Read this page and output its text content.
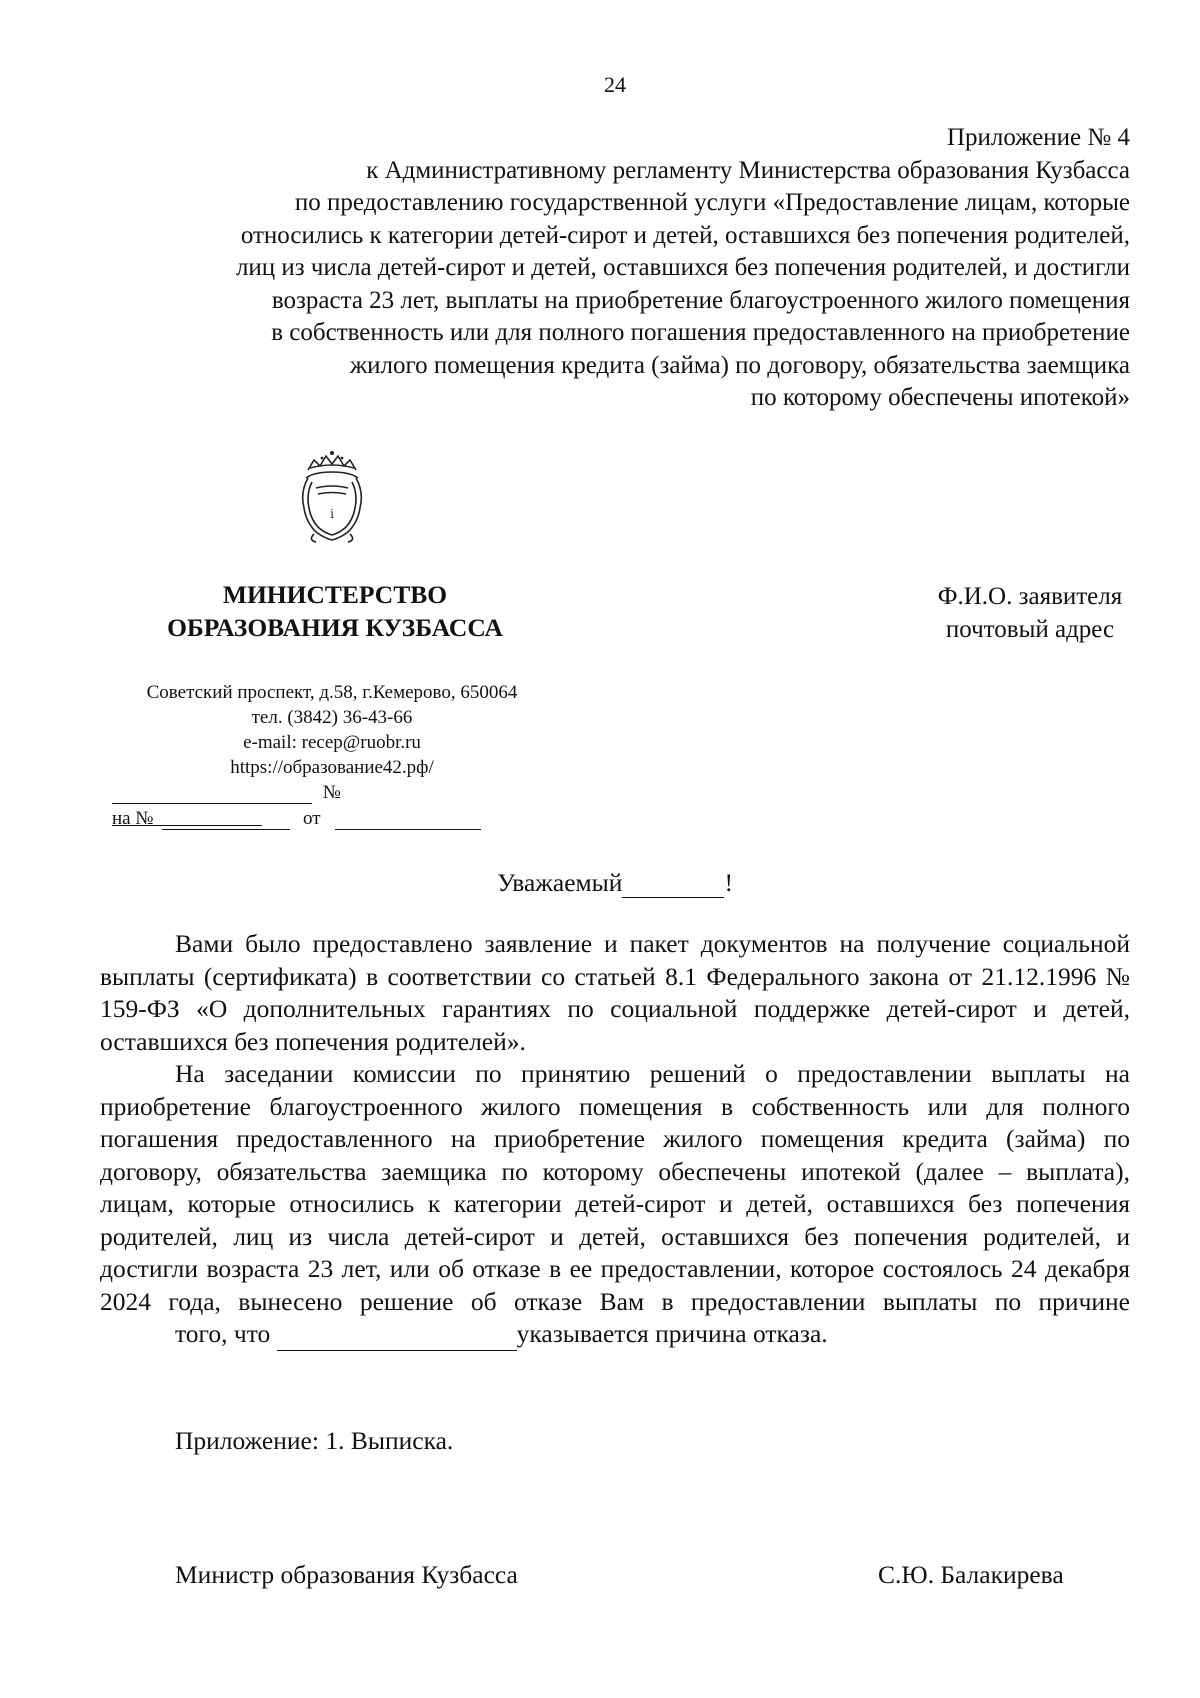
24
Приложение № 4
к Административному регламенту Министерства образования Кузбасса
по предоставлению государственной услуги «Предоставление лицам, которые
относились к категории детей-сирот и детей, оставшихся без попечения родителей,
лиц из числа детей-сирот и детей, оставшихся без попечения родителей, и достигли
возраста 23 лет, выплаты на приобретение благоустроенного жилого помещения
в собственность или для полного погашения предоставленного на приобретение
жилого помещения кредита (займа) по договору, обязательства заемщика
по которому обеспечены ипотекой»
i
МИНИСТЕРСТВО
ОБРАЗОВАНИЯ КУЗБАССА
Ф.И.О. заявителя
почтовый адрес
Советский проспект, д.58, г.Кемерово, 650064
тел. (3842) 36-43-66
e-mail: recep@ruobr.ru
https://образование42.рф/
№
на №	от
Уважаемый	!

Вами было предоставлено заявление и пакет документов на получение социальной выплаты (сертификата) в соответствии со статьей 8.1 Федерального закона от 21.12.1996 № 159-ФЗ «О дополнительных гарантиях по социальной поддержке детей-сирот и детей, оставшихся без попечения родителей».

На заседании комиссии по принятию решений о предоставлении выплаты на приобретение благоустроенного жилого помещения в собственность или для полного погашения предоставленного на приобретение жилого помещения кредита (займа) по договору, обязательства заемщика по которому обеспечены ипотекой (далее – выплата), лицам, которые относились к категории детей-сирот и детей, оставшихся без попечения родителей, лиц из числа детей-сирот и детей, оставшихся без попечения родителей, и достигли возраста 23 лет, или об отказе в ее предоставлении, которое состоялось 24 декабря 2024 года, вынесено решение об отказе Вам в предоставлении выплаты по причине

того, что	указывается причина отказа.

Приложение: 1. Выписка.
Министр образования Кузбасса	С.Ю. Балакирева
